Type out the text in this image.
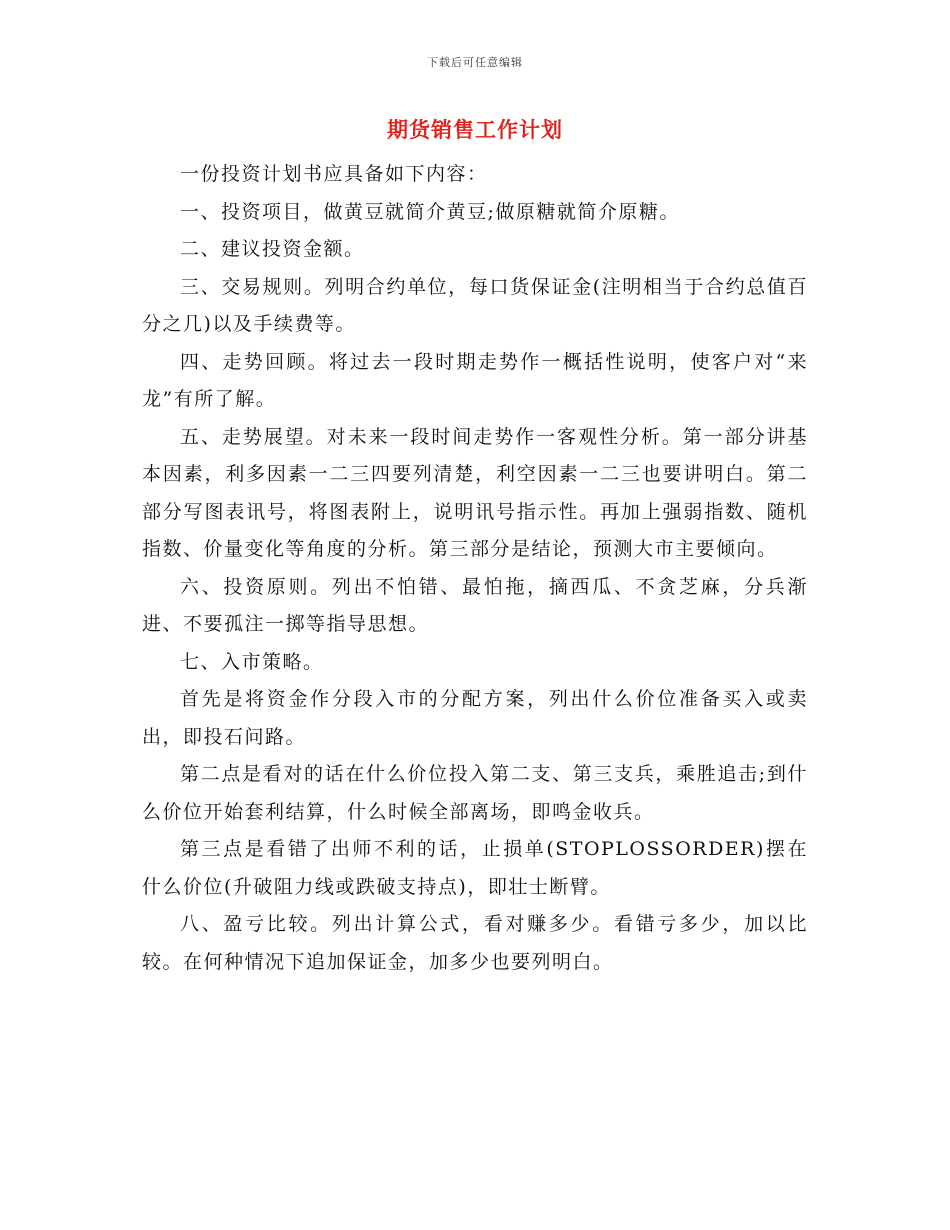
下载后可任意编辑
期货销售工作计划

一份投资计划书应具备如下内容：

一、投资项目，做黄豆就简介黄豆;做原糖就简介原糖。

二、建议投资金额。

三、交易规则。列明合约单位，每口货保证金(注明相当于合约总值百分之几)以及手续费等。

四、走势回顾。将过去一段时期走势作一概括性说明，使客户对“来龙”有所了解。

五、走势展望。对未来一段时间走势作一客观性分析。第一部分讲基本因素，利多因素一二三四要列清楚，利空因素一二三也要讲明白。第二部分写图表讯号，将图表附上，说明讯号指示性。再加上强弱指数、随机指数、价量变化等角度的分析。第三部分是结论，预测大市主要倾向。

六、投资原则。列出不怕错、最怕拖，摘西瓜、不贪芝麻，分兵渐进、不要孤注一掷等指导思想。

七、入市策略。

首先是将资金作分段入市的分配方案，列出什么价位准备买入或卖出，即投石问路。

第二点是看对的话在什么价位投入第二支、第三支兵，乘胜追击;到什么价位开始套利结算，什么时候全部离场，即鸣金收兵。

第三点是看错了出师不利的话，止损单(STOPLOSSORDER)摆在什么价位(升破阻力线或跌破支持点)，即壮士断臂。

八、盈亏比较。列出计算公式，看对赚多少。看错亏多少，加以比较。在何种情况下追加保证金，加多少也要列明白。
